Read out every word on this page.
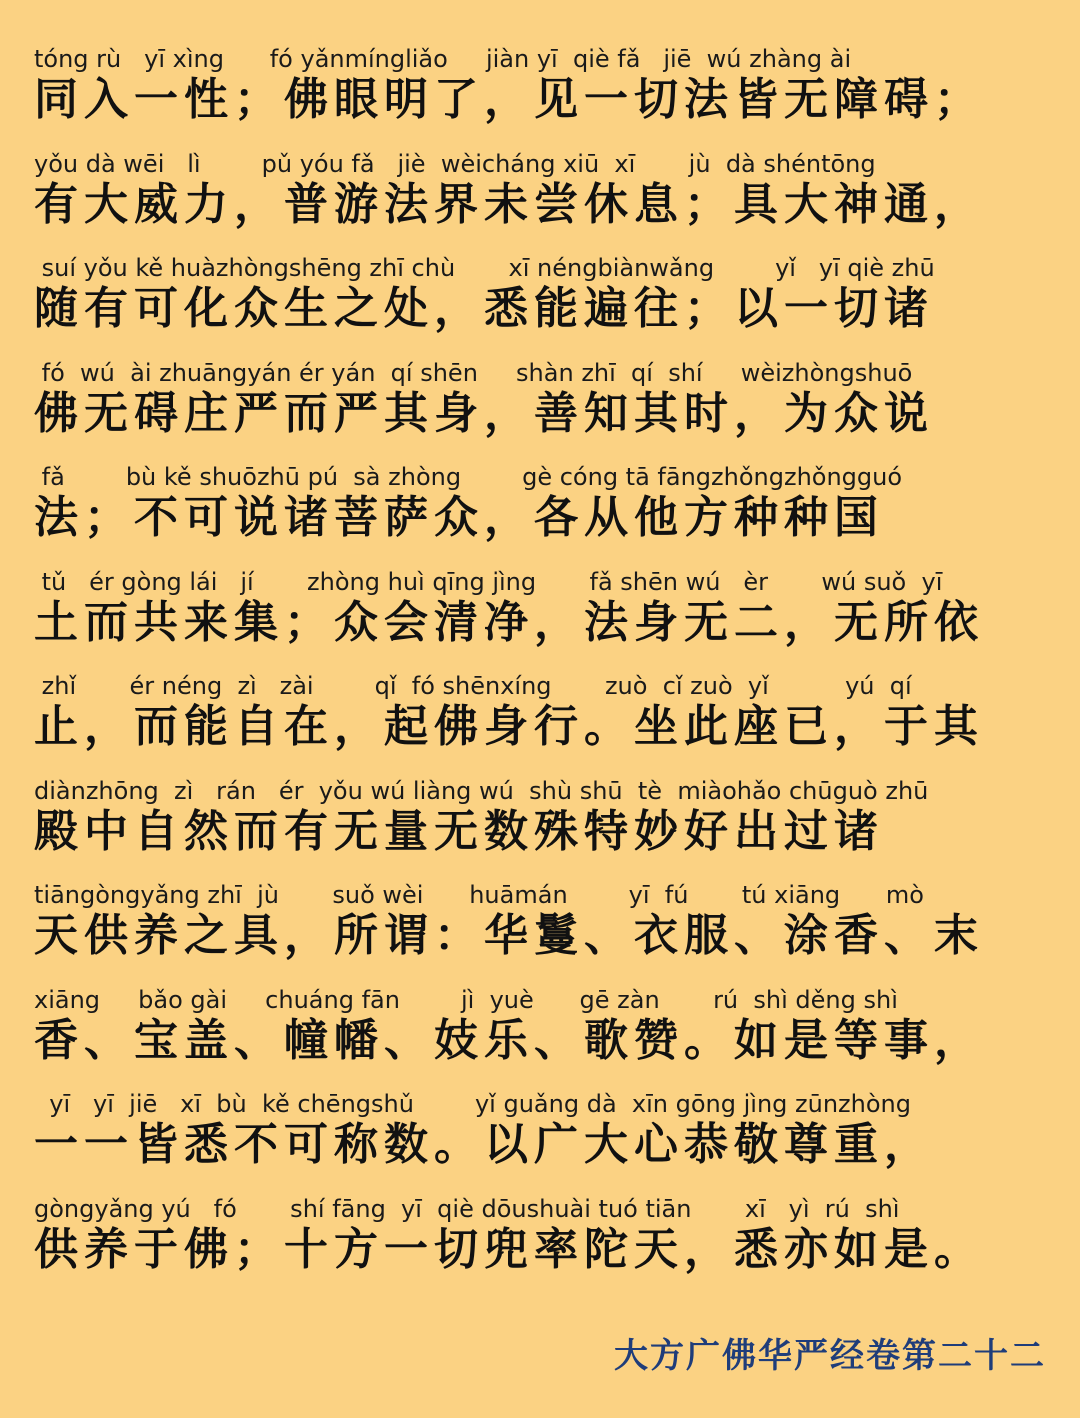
tóng rù   yī xìng      fó yǎnmíngliǎo     jiàn yī  qiè fǎ   jiē  wú zhàng ài
同入一性；佛眼明了，见一切法皆无障碍；
yǒu dà wēi   lì        pǔ yóu fǎ   jiè  wèicháng xiū  xī       jù  dà shéntōng
有大威力，普游法界未尝休息；具大神通，
suí yǒu kě huàzhòngshēng zhī chù       xī néngbiànwǎng        yǐ   yī qiè zhū
随有可化众生之处，悉能遍往；以一切诸
fó  wú  ài zhuāngyán ér yán  qí shēn     shàn zhī  qí  shí     wèizhòngshuō
佛无碍庄严而严其身，善知其时，为众说
fǎ        bù kě shuōzhū pú  sà zhòng        gè cóng tā fāngzhǒngzhǒngguó
法；不可说诸菩萨众，各从他方种种国
tǔ   ér gòng lái   jí       zhòng huì qīng jìng       fǎ shēn wú   èr       wú suǒ  yī
土而共来集；众会清净，法身无二，无所依
zhǐ       ér néng  zì   zài        qǐ  fó shēnxíng       zuò  cǐ zuò  yǐ          yú  qí
止，而能自在，起佛身行。坐此座已，于其
diànzhōng  zì   rán   ér  yǒu wú liàng wú  shù shū  tè  miàohǎo chūguò zhū
殿中自然而有无量无数殊特妙好出过诸
tiāngòngyǎng zhī  jù       suǒ wèi      huāmán        yī  fú       tú xiāng      mò
天供养之具，所谓：华鬘、衣服、涂香、末
xiāng     bǎo gài     chuáng fān        jì  yuè      gē zàn       rú  shì děng shì
香、宝盖、幢幡、妓乐、歌赞。如是等事，
yī   yī  jiē   xī  bù  kě chēngshǔ        yǐ guǎng dà  xīn gōng jìng zūnzhòng
一一皆悉不可称数。以广大心恭敬尊重，
gòngyǎng yú   fó       shí fāng  yī  qiè dōushuài tuó tiān       xī   yì  rú  shì
供养于佛；十方一切兜率陀天，悉亦如是。
大方广佛华严经卷第二十二
